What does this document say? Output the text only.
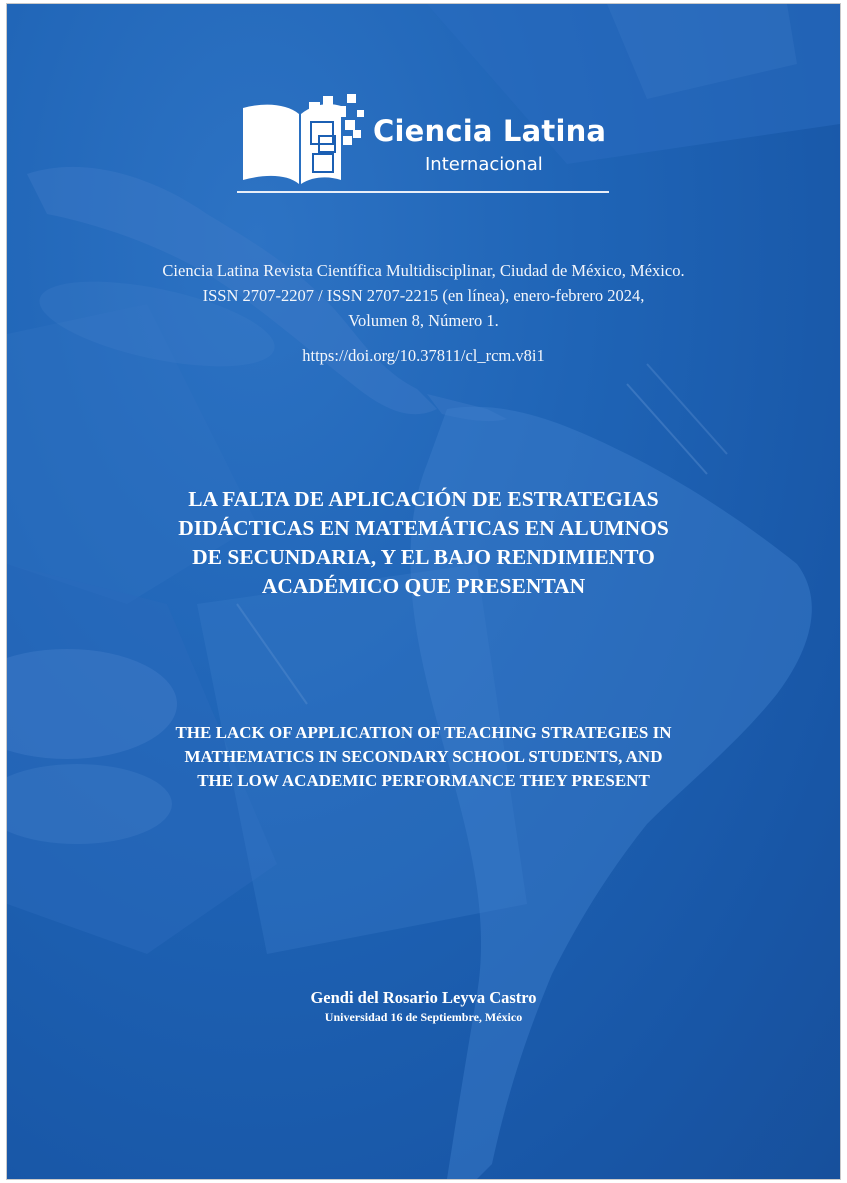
Ciencia Latina
Internacional
Ciencia Latina Revista Científica Multidisciplinar, Ciudad de México, México.
ISSN 2707-2207 / ISSN 2707-2215 (en línea), enero-febrero 2024,
Volumen 8, Número 1.
https://doi.org/10.37811/cl_rcm.v8i1
LA FALTA DE APLICACIÓN DE ESTRATEGIAS
DIDÁCTICAS EN MATEMÁTICAS EN ALUMNOS
DE SECUNDARIA, Y EL BAJO RENDIMIENTO
ACADÉMICO QUE PRESENTAN
THE LACK OF APPLICATION OF TEACHING STRATEGIES IN
MATHEMATICS IN SECONDARY SCHOOL STUDENTS, AND
THE LOW ACADEMIC PERFORMANCE THEY PRESENT
Gendi del Rosario Leyva Castro
Universidad 16 de Septiembre, México
